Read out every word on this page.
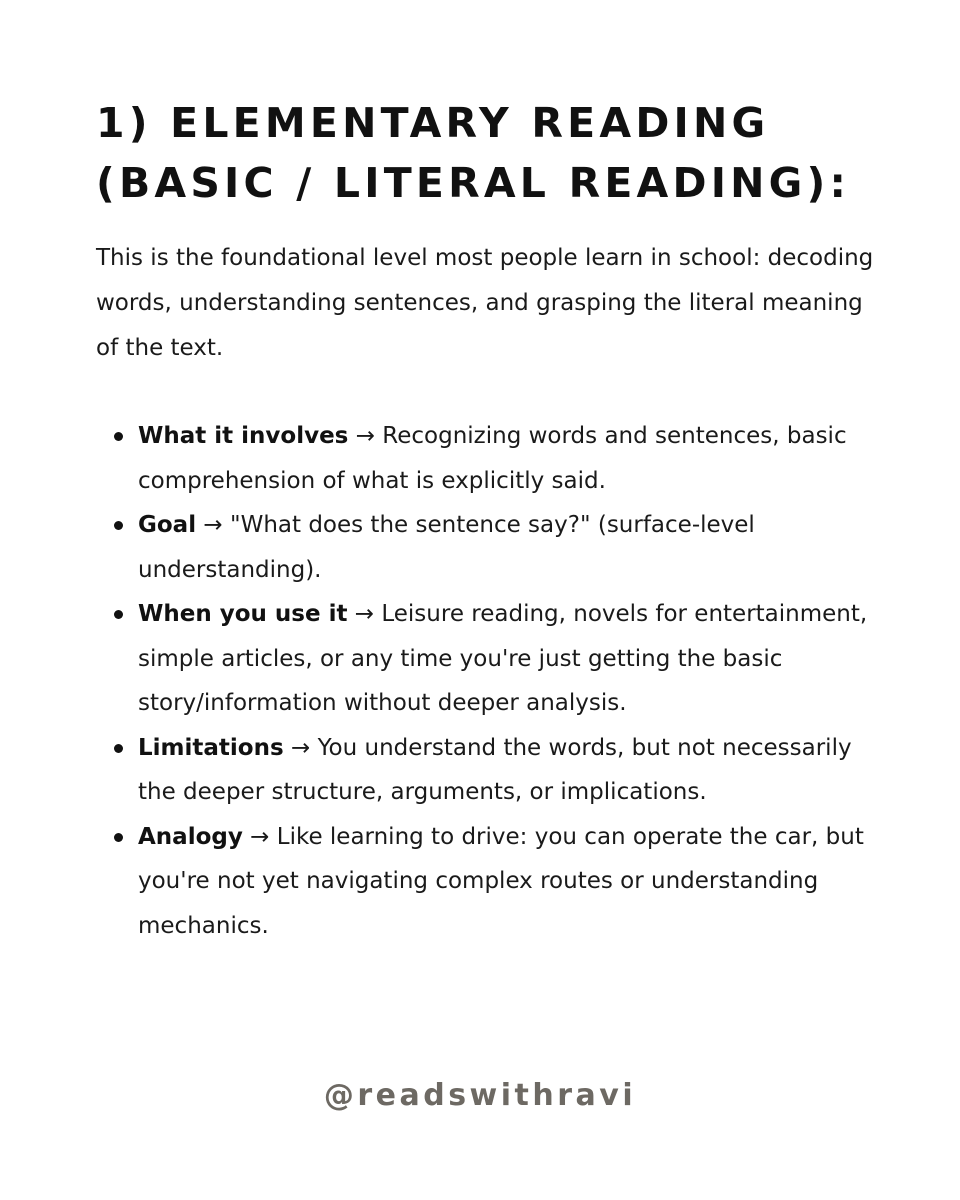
1) ELEMENTARY READING
(BASIC / LITERAL READING):

This is the foundational level most people learn in school: decoding words, understanding sentences, and grasping the literal meaning of the text.

What it involves → Recognizing words and sentences, basic comprehension of what is explicitly said.
Goal → "What does the sentence say?" (surface-level understanding).
When you use it → Leisure reading, novels for entertainment, simple articles, or any time you're just getting the basic story/information without deeper analysis.
Limitations → You understand the words, but not necessarily the deeper structure, arguments, or implications.
Analogy → Like learning to drive: you can operate the car, but you're not yet navigating complex routes or understanding mechanics.
@readswithravi
